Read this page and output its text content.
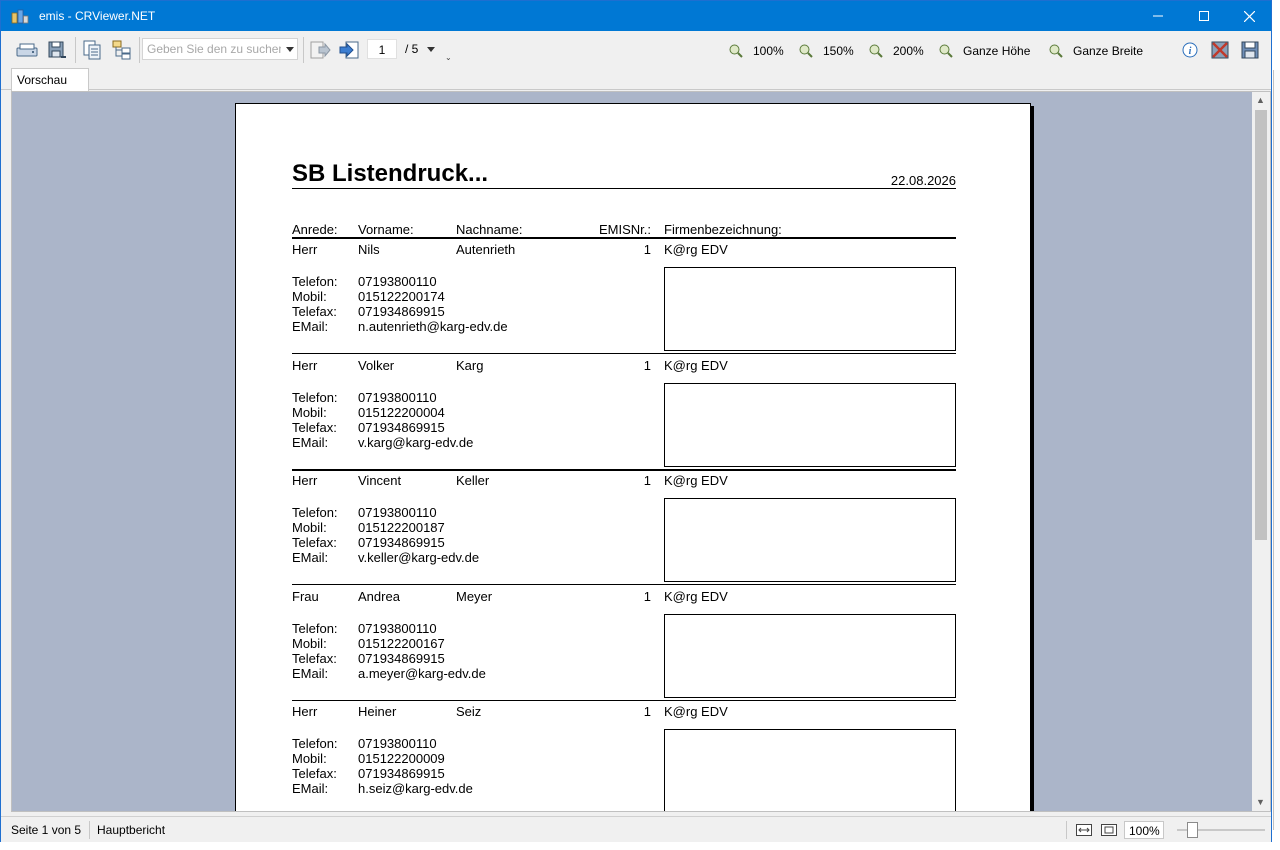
emis - CRViewer.NET
Geben Sie den zu suchenden Text ein
1	/ 5
⌄	100%	150%	200%	Ganze Höhe	Ganze Breite	i
Vorschau
SB Listendruck...	22.08.2026
Anrede: Vorname:	Nachname:	EMISNr.: Firmenbezeichnung:
Herr	Nils	Autenrieth	1 K@rg EDV
Telefon: 07193800110
Mobil: 015122200174
Telefax: 071934869915
EMail: n.autenrieth@karg-edv.de
Herr	Volker	Karg	1 K@rg EDV
Telefon: 07193800110
Mobil: 015122200004
Telefax: 071934869915
EMail: v.karg@karg-edv.de
Herr	Vincent	Keller	1 K@rg EDV
Telefon: 07193800110
Mobil: 015122200187
Telefax: 071934869915
EMail: v.keller@karg-edv.de
Frau	Andrea	Meyer	1 K@rg EDV
Telefon: 07193800110
Mobil: 015122200167
Telefax: 071934869915
EMail: a.meyer@karg-edv.de
Herr	Heiner	Seiz	1 K@rg EDV
Telefon: 07193800110
Mobil: 015122200009
Telefax: 071934869915
EMail: h.seiz@karg-edv.de
▲
▼
Seite 1 von 5 Hauptbericht	100%
